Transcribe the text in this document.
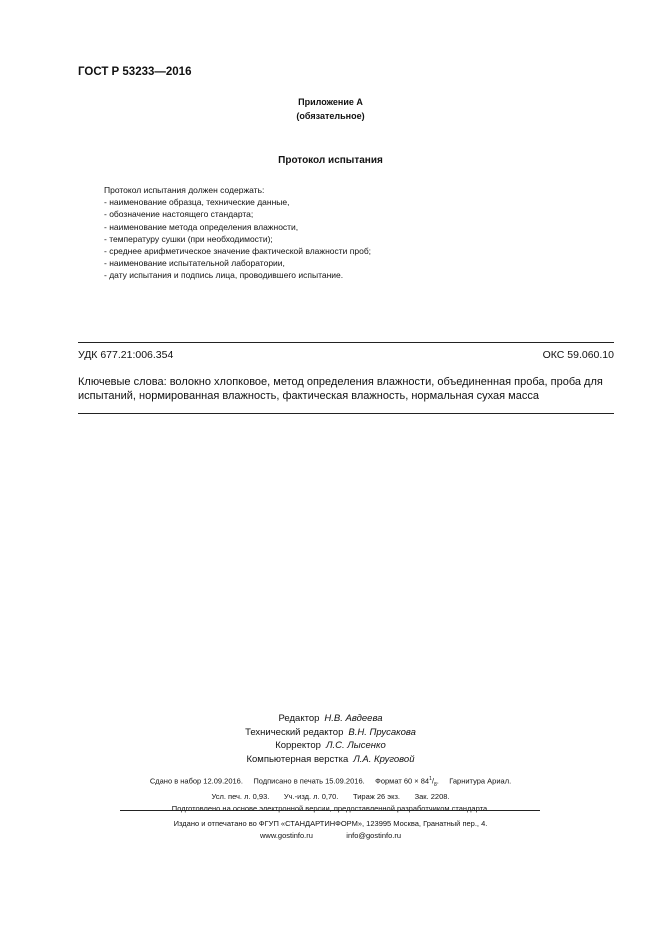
ГОСТ Р 53233—2016
Приложение А
(обязательное)
Протокол испытания
Протокол испытания должен содержать:
- наименование образца, технические данные,
- обозначение настоящего стандарта;
- наименование метода определения влажности,
- температуру сушки (при необходимости);
- среднее арифметическое значение фактической влажности проб;
- наименование испытательной лаборатории,
- дату испытания и подпись лица, проводившего испытание.
УДК 677.21:006.354	ОКС 59.060.10
Ключевые слова: волокно хлопковое, метод определения влажности, объединенная проба, проба для испытаний, нормированная влажность, фактическая влажность, нормальная сухая масса
Редактор Н.В. Авдеева
Технический редактор В.Н. Прусакова
Корректор Л.С. Лысенко
Компьютерная верстка Л.А. Круговой
Сдано в набор 12.09.2016.     Подписано в печать 15.09.2016.     Формат $60 \times 84^1/_8$.     Гарнитура Ариал.
Усл. печ. л. 0,93.       Уч.-изд. л. 0,70.       Тираж 26 экз.       Зак. 2208.
Подготовлено на основе электронной версии, предоставленной разработчиком стандарта.
Издано и отпечатано во ФГУП «СТАНДАРТИНФОРМ», 123995 Москва, Гранатный пер., 4.
www.gostinfo.ru	info@gostinfo.ru
